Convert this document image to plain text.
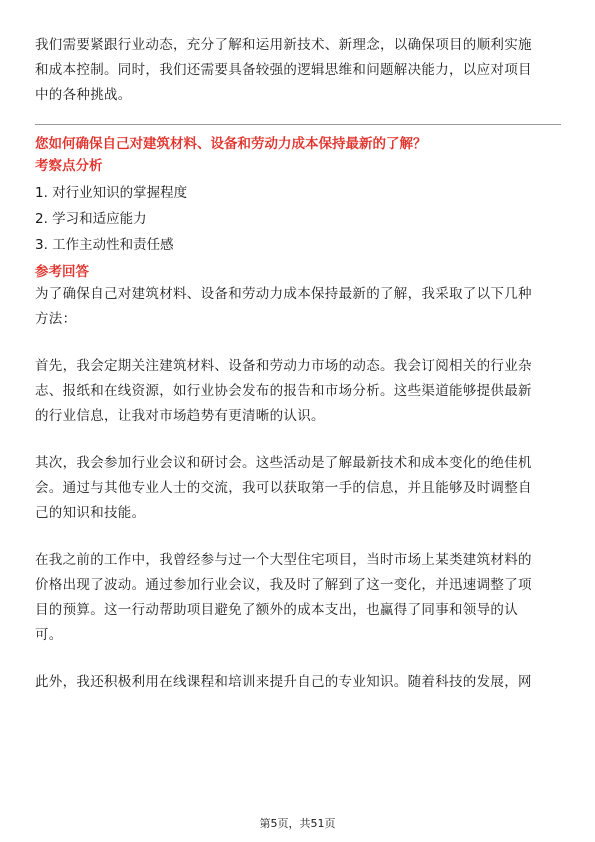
我们需要紧跟行业动态，充分了解和运用新技术、新理念，以确保项目的顺利实施

和成本控制。同时，我们还需要具备较强的逻辑思维和问题解决能力，以应对项目

中的各种挑战。

您如何确保自己对建筑材料、设备和劳动力成本保持最新的了解？

考察点分析

1. 对行业知识的掌握程度

2. 学习和适应能力

3. 工作主动性和责任感

参考回答

为了确保自己对建筑材料、设备和劳动力成本保持最新的了解，我采取了以下几种

方法：

首先，我会定期关注建筑材料、设备和劳动力市场的动态。我会订阅相关的行业杂

志、报纸和在线资源，如行业协会发布的报告和市场分析。这些渠道能够提供最新

的行业信息，让我对市场趋势有更清晰的认识。

其次，我会参加行业会议和研讨会。这些活动是了解最新技术和成本变化的绝佳机

会。通过与其他专业人士的交流，我可以获取第一手的信息，并且能够及时调整自

己的知识和技能。

在我之前的工作中，我曾经参与过一个大型住宅项目，当时市场上某类建筑材料的

价格出现了波动。通过参加行业会议，我及时了解到了这一变化，并迅速调整了项

目的预算。这一行动帮助项目避免了额外的成本支出，也赢得了同事和领导的认

可。

此外，我还积极利用在线课程和培训来提升自己的专业知识。随着科技的发展，网

第5页，共51页
